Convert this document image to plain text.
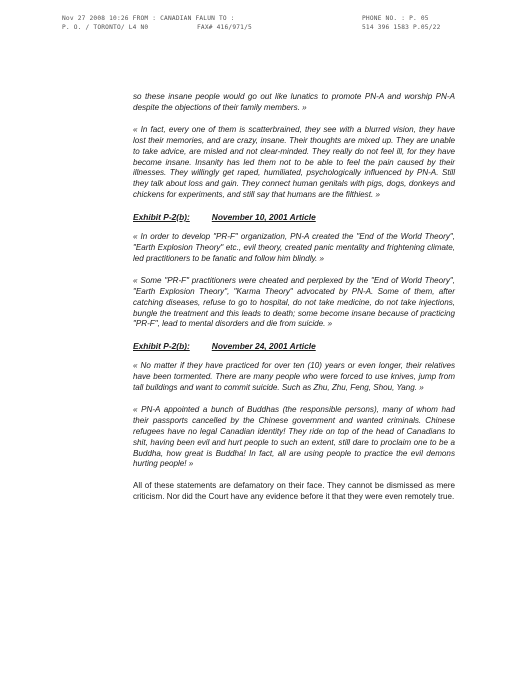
Nov 27 2008 10:26 FROM : CANADIAN FALUN TO :	PHONE NO. : P. 05
P. O. / TORONTO/ L4 N0	FAX# 416/971/5	514 396 1583 P.05/22

so these insane people would go out like lunatics to promote PN-A and worship PN-A despite the objections of their family members. »

« In fact, every one of them is scatterbrained, they see with a blurred vision, they have lost their memories, and are crazy, insane. Their thoughts are mixed up. They are unable to take advice, are misled and not clear-minded. They really do not feel ill, for they have become insane. Insanity has led them not to be able to feel the pain caused by their illnesses. They willingly get raped, humiliated, psychologically influenced by PN-A. Still they talk about loss and gain. They connect human genitals with pigs, dogs, donkeys and chickens for experiments, and still say that humans are the filthiest. »

Exhibit P-2(b):	November 10, 2001 Article

« In order to develop "PR-F" organization, PN-A created the "End of the World Theory", "Earth Explosion Theory" etc., evil theory, created panic mentality and frightening climate, led practitioners to be fanatic and follow him blindly. »

« Some "PR-F" practitioners were cheated and perplexed by the "End of World Theory", "Earth Explosion Theory", "Karma Theory" advocated by PN-A. Some of them, after catching diseases, refuse to go to hospital, do not take medicine, do not take injections, bungle the treatment and this leads to death; some become insane because of practicing "PR-F", lead to mental disorders and die from suicide. »

Exhibit P-2(b):	November 24, 2001 Article

« No matter if they have practiced for over ten (10) years or even longer, their relatives have been tormented. There are many people who were forced to use knives, jump from tall buildings and want to commit suicide. Such as Zhu, Zhu, Feng, Shou, Yang. »

« PN-A appointed a bunch of Buddhas (the responsible persons), many of whom had their passports cancelled by the Chinese government and wanted criminals. Chinese refugees have no legal Canadian identity! They ride on top of the head of Canadians to shit, having been evil and hurt people to such an extent, still dare to proclaim one to be a Buddha, how great is Buddha! In fact, all are using people to practice the evil demons hurting people! »

All of these statements are defamatory on their face. They cannot be dismissed as mere criticism. Nor did the Court have any evidence before it that they were even remotely true.
